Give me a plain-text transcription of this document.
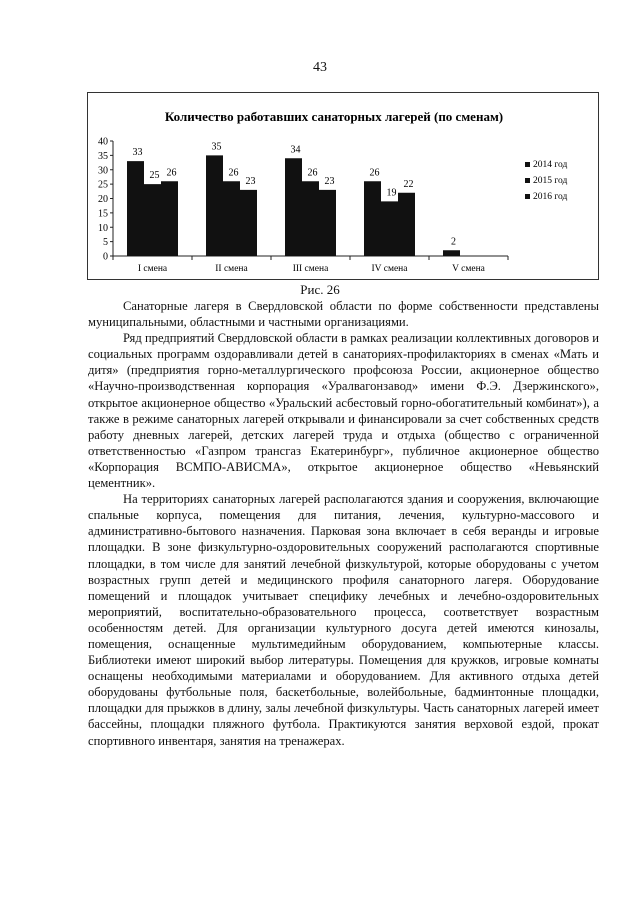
43
Количество работавших санаторных лагерей (по сменам)
0
5
10
15
20
25
30
35
40
I смена	II смена	III смена	IV смена	V смена
33
25 26
35
26
23
34
26
23
26
19
22
2
2014 год
2015 год
2016 год
Рис. 26

Санаторные лагеря в Свердловской области по форме собственности представлены муниципальными, областными и частными организациями.

Ряд предприятий Свердловской области в рамках реализации коллективных договоров и социальных программ оздоравливали детей в санаториях-профилакториях в сменах «Мать и дитя» (предприятия горно-металлургического профсоюза России, акционерное общество «Научно-производственная корпорация «Уралвагонзавод» имени Ф.Э. Дзержинского», открытое акционерное общество «Уральский асбестовый горно-обогатительный комбинат»), а также в режиме санаторных лагерей открывали и финансировали за счет собственных средств работу дневных лагерей, детских лагерей труда и отдыха (общество с ограниченной ответственностью «Газпром трансгаз Екатеринбург», публичное акционерное общество «Корпорация ВСМПО-АВИСМА», открытое акционерное общество «Невьянский цементник».

На территориях санаторных лагерей располагаются здания и сооружения, включающие спальные корпуса, помещения для питания, лечения, культурно-массового и административно-бытового назначения. Парковая зона включает в себя веранды и игровые площадки. В зоне физкультурно-оздоровительных сооружений располагаются спортивные площадки, в том числе для занятий лечебной физкультурой, которые оборудованы с учетом возрастных групп детей и медицинского профиля санаторного лагеря. Оборудование помещений и площадок учитывает специфику лечебных и лечебно-оздоровительных мероприятий, воспитательно-образовательного процесса, соответствует возрастным особенностям детей. Для организации культурного досуга детей имеются кинозалы, помещения, оснащенные мультимедийным оборудованием, компьютерные классы. Библиотеки имеют широкий выбор литературы. Помещения для кружков, игровые комнаты оснащены необходимыми материалами и оборудованием. Для активного отдыха детей оборудованы футбольные поля, баскетбольные, волейбольные, бадминтонные площадки, площадки для прыжков в длину, залы лечебной физкультуры. Часть санаторных лагерей имеет бассейны, площадки пляжного футбола. Практикуются занятия верховой ездой, прокат спортивного инвентаря, занятия на тренажерах.
